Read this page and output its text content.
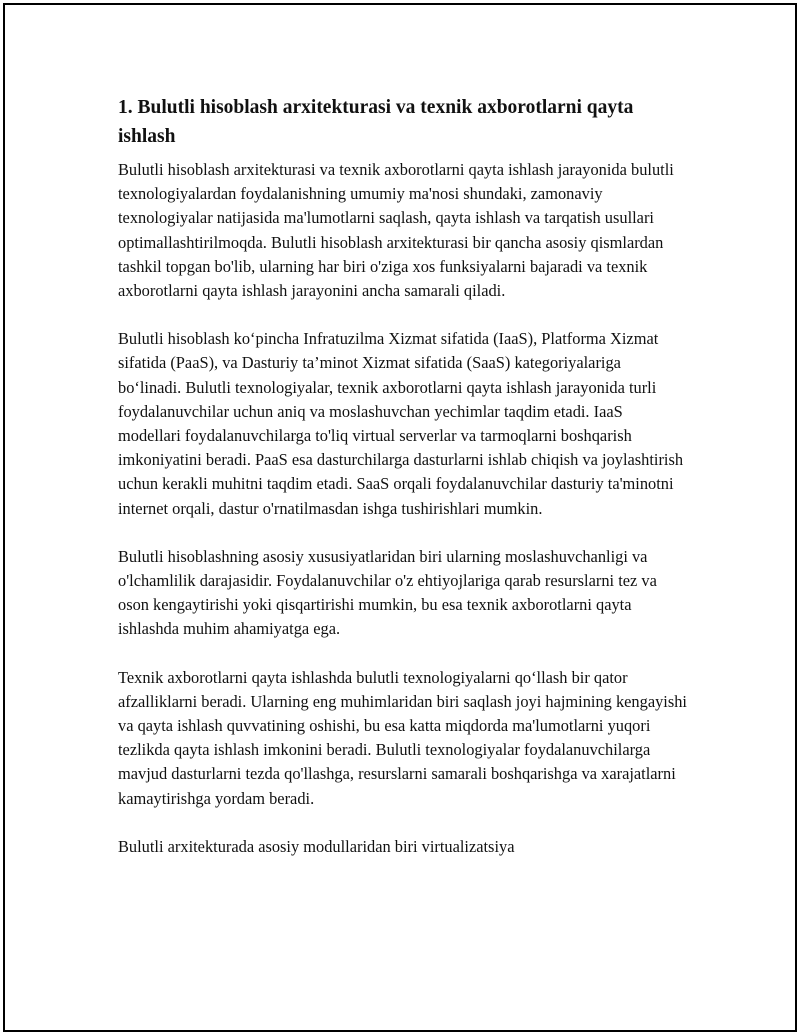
1. Bulutli hisoblash arxitekturasi va texnik axborotlarni qayta ishlash

Bulutli hisoblash arxitekturasi va texnik axborotlarni qayta ishlash jarayonida bulutli texnologiyalardan foydalanishning umumiy ma'nosi shundaki, zamonaviy texnologiyalar natijasida ma'lumotlarni saqlash, qayta ishlash va tarqatish usullari optimallashtirilmoqda. Bulutli hisoblash arxitekturasi bir qancha asosiy qismlardan tashkil topgan bo'lib, ularning har biri o'ziga xos funksiyalarni bajaradi va texnik axborotlarni qayta ishlash jarayonini ancha samarali qiladi.

Bulutli hisoblash ko‘pincha Infratuzilma Xizmat sifatida (IaaS), Platforma Xizmat sifatida (PaaS), va Dasturiy ta’minot Xizmat sifatida (SaaS) kategoriyalariga bo‘linadi. Bulutli texnologiyalar, texnik axborotlarni qayta ishlash jarayonida turli foydalanuvchilar uchun aniq va moslashuvchan yechimlar taqdim etadi. IaaS modellari foydalanuvchilarga to'liq virtual serverlar va tarmoqlarni boshqarish imkoniyatini beradi. PaaS esa dasturchilarga dasturlarni ishlab chiqish va joylashtirish uchun kerakli muhitni taqdim etadi. SaaS orqali foydalanuvchilar dasturiy ta'minotni internet orqali, dastur o'rnatilmasdan ishga tushirishlari mumkin.

Bulutli hisoblashning asosiy xususiyatlaridan biri ularning moslashuvchanligi va o'lchamlilik darajasidir. Foydalanuvchilar o'z ehtiyojlariga qarab resurslarni tez va oson kengaytirishi yoki qisqartirishi mumkin, bu esa texnik axborotlarni qayta ishlashda muhim ahamiyatga ega.

Texnik axborotlarni qayta ishlashda bulutli texnologiyalarni qo‘llash bir qator afzalliklarni beradi. Ularning eng muhimlaridan biri saqlash joyi hajmining kengayishi va qayta ishlash quvvatining oshishi, bu esa katta miqdorda ma'lumotlarni yuqori tezlikda qayta ishlash imkonini beradi. Bulutli texnologiyalar foydalanuvchilarga mavjud dasturlarni tezda qo'llashga, resurslarni samarali boshqarishga va xarajatlarni kamaytirishga yordam beradi.

Bulutli arxitekturada asosiy modullaridan biri virtualizatsiya
